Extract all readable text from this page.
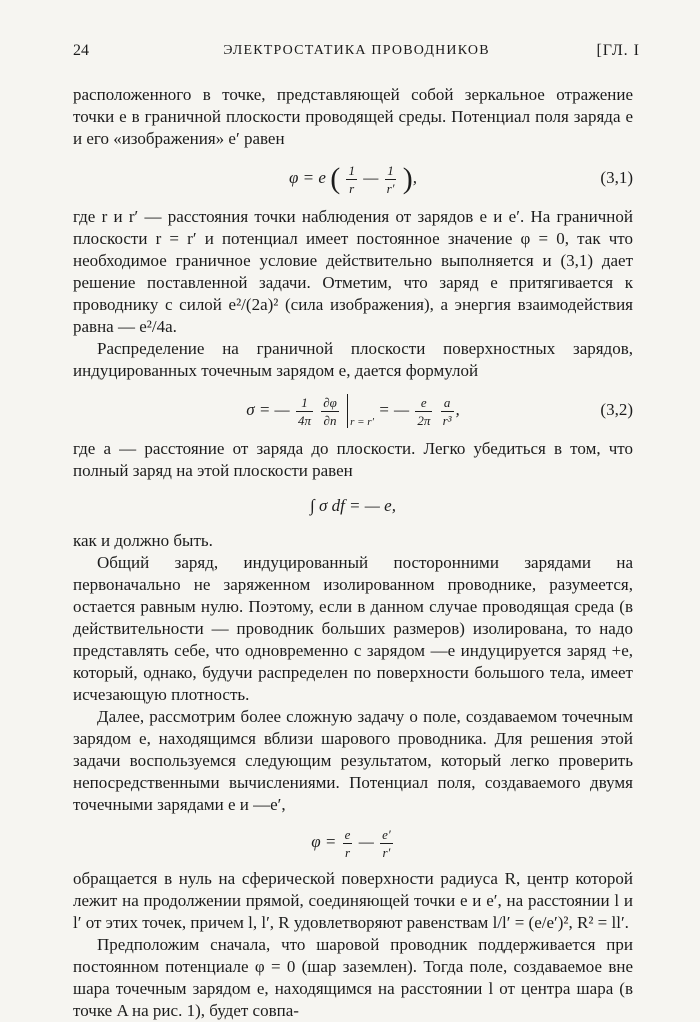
24	ЭЛЕКТРОСТАТИКА ПРОВОДНИКОВ	[ГЛ. I

расположенного в точке, представляющей собой зеркальное отражение точки e в граничной плоскости проводящей среды. Потенциал поля заряда e и его «изображения» e′ равен

φ = e ( $\frac{1}{r}$ — $\frac{1}{r'}$ ),	(3,1)

где r и r′ — расстояния точки наблюдения от зарядов e и e′. На граничной плоскости r = r′ и потенциал имеет постоянное значение φ = 0, так что необходимое граничное условие действительно выполняется и (3,1) дает решение поставленной задачи. Отметим, что заряд e притягивается к проводнику с силой e²/(2a)² (сила изображения), а энергия взаимодействия равна — e²/4a.

Распределение на граничной плоскости поверхностных зарядов, индуцированных точечным зарядом e, дается формулой

σ = — $\frac{1}{4\pi}$
$\frac{\partial\varphi}{\partial n} _{r = r'}$ = — $\frac{e}{2\pi}$
$\frac{a}{\text{r³}}$ ,	(3,2)

где a — расстояние от заряда до плоскости. Легко убедиться в том, что полный заряд на этой плоскости равен

∫ σ df = — e,

как и должно быть.

Общий заряд, индуцированный посторонними зарядами на первоначально не заряженном изолированном проводнике, разумеется, остается равным нулю. Поэтому, если в данном случае проводящая среда (в действительности — проводник больших размеров) изолирована, то надо представлять себе, что одновременно с зарядом —e индуцируется заряд +e, который, однако, будучи распределен по поверхности большого тела, имеет исчезающую плотность.

Далее, рассмотрим более сложную задачу о поле, создаваемом точечным зарядом e, находящимся вблизи шарового проводника. Для решения этой задачи воспользуемся следующим результатом, который легко проверить непосредственными вычислениями. Потенциал поля, создаваемого двумя точечными зарядами e и —e′,

$\varphi = \frac{e}{r}$ — $\frac{e'}{r'}$

обращается в нуль на сферической поверхности радиуса R, центр которой лежит на продолжении прямой, соединяющей точки e и e′, на расстоянии l и l′ от этих точек, причем l, l′, R удовлетворяют равенствам l/l′ = (e/e′)², R² = ll′.

Предположим сначала, что шаровой проводник поддерживается при постоянном потенциале φ = 0 (шар заземлен). Тогда поле, создаваемое вне шара точечным зарядом e, находящимся на расстоянии l от центра шара (в точке A на рис. 1), будет совпа-
